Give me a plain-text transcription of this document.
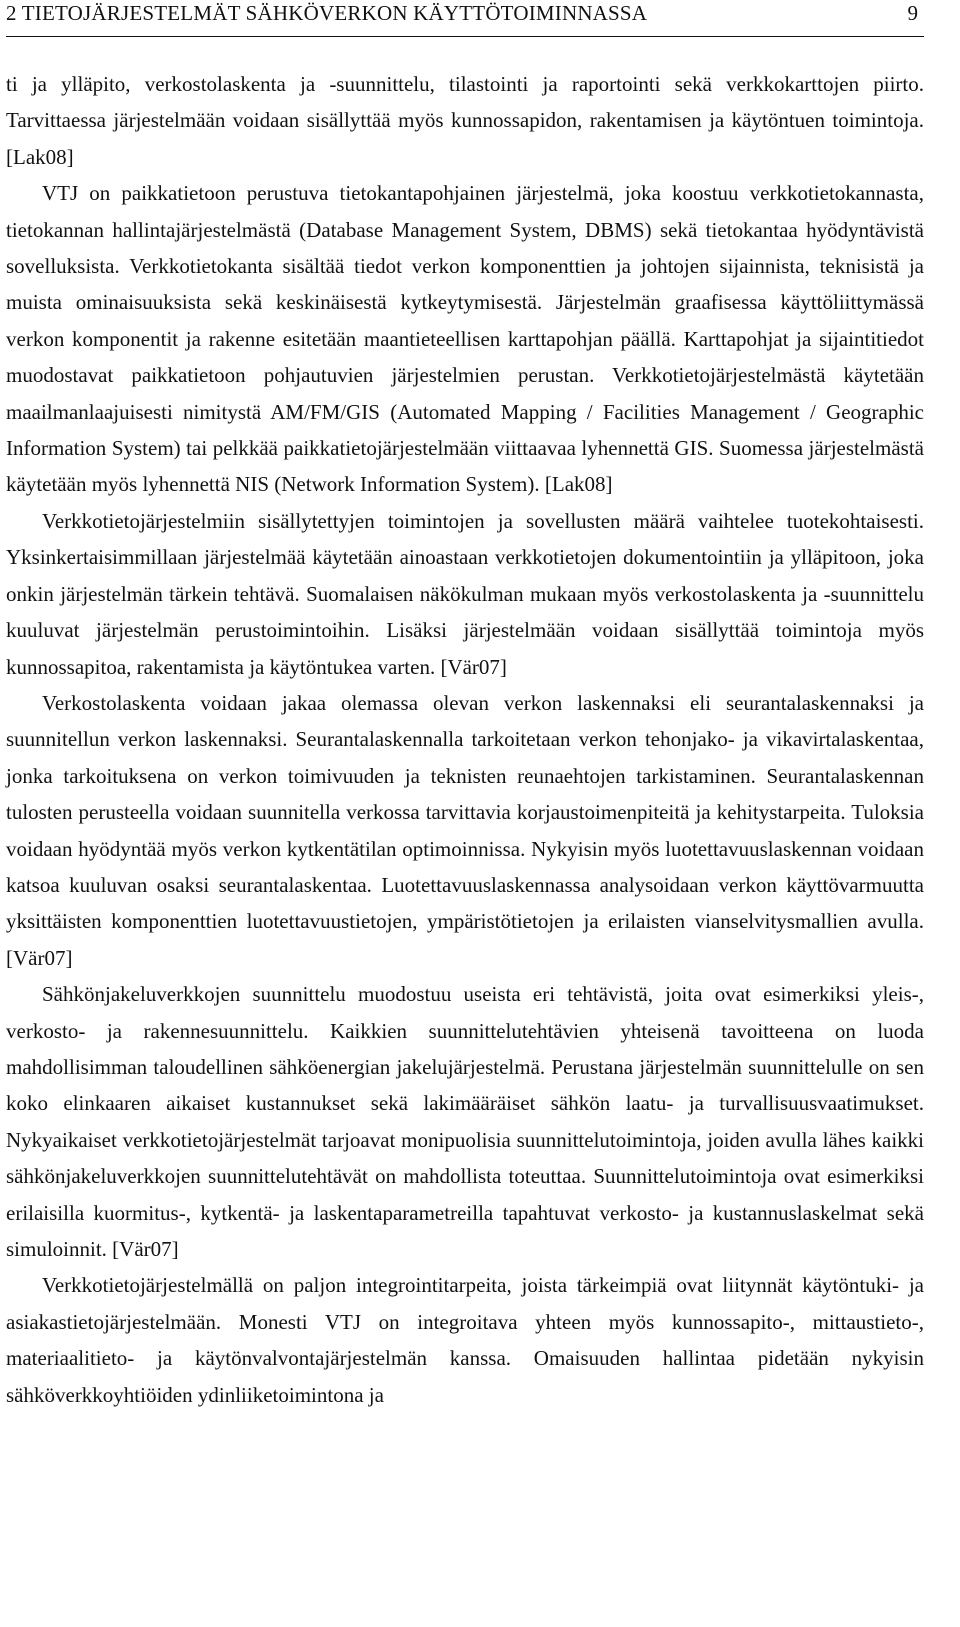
2 TIETOJÄRJESTELMÄT SÄHKÖVERKON KÄYTTÖTOIMINNASSA	9

ti ja ylläpito, verkostolaskenta ja -suunnittelu, tilastointi ja raportointi sekä verkkokarttojen piirto. Tarvittaessa järjestelmään voidaan sisällyttää myös kunnossapidon, rakentamisen ja käytöntuen toimintoja. [Lak08]

VTJ on paikkatietoon perustuva tietokantapohjainen järjestelmä, joka koostuu verkkotietokannasta, tietokannan hallintajärjestelmästä (Database Management System, DBMS) sekä tietokantaa hyödyntävistä sovelluksista. Verkkotietokanta sisältää tiedot verkon komponenttien ja johtojen sijainnista, teknisistä ja muista ominaisuuksista sekä keskinäisestä kytkeytymisestä. Järjestelmän graafisessa käyttöliittymässä verkon komponentit ja rakenne esitetään maantieteellisen karttapohjan päällä. Karttapohjat ja sijaintitiedot muodostavat paikkatietoon pohjautuvien järjestelmien perustan. Verkkotietojärjestelmästä käytetään maailmanlaajuisesti nimitystä AM/FM/GIS (Automated Mapping / Facilities Management / Geographic Information System) tai pelkkää paikkatietojärjestelmään viittaavaa lyhennettä GIS. Suomessa järjestelmästä käytetään myös lyhennettä NIS (Network Information System). [Lak08]

Verkkotietojärjestelmiin sisällytettyjen toimintojen ja sovellusten määrä vaihtelee tuotekohtaisesti. Yksinkertaisimmillaan järjestelmää käytetään ainoastaan verkkotietojen dokumentointiin ja ylläpitoon, joka onkin järjestelmän tärkein tehtävä. Suomalaisen näkökulman mukaan myös verkostolaskenta ja -suunnittelu kuuluvat järjestelmän perustoimintoihin. Lisäksi järjestelmään voidaan sisällyttää toimintoja myös kunnossapitoa, rakentamista ja käytöntukea varten. [Vär07]

Verkostolaskenta voidaan jakaa olemassa olevan verkon laskennaksi eli seurantalaskennaksi ja suunnitellun verkon laskennaksi. Seurantalaskennalla tarkoitetaan verkon tehonjako- ja vikavirtalaskentaa, jonka tarkoituksena on verkon toimivuuden ja teknisten reunaehtojen tarkistaminen. Seurantalaskennan tulosten perusteella voidaan suunnitella verkossa tarvittavia korjaustoimenpiteitä ja kehitystarpeita. Tuloksia voidaan hyödyntää myös verkon kytkentätilan optimoinnissa. Nykyisin myös luotettavuuslaskennan voidaan katsoa kuuluvan osaksi seurantalaskentaa. Luotettavuuslaskennassa analysoidaan verkon käyttövarmuutta yksittäisten komponenttien luotettavuustietojen, ympäristötietojen ja erilaisten vianselvitysmallien avulla. [Vär07]

Sähkönjakeluverkkojen suunnittelu muodostuu useista eri tehtävistä, joita ovat esimerkiksi yleis-, verkosto- ja rakennesuunnittelu. Kaikkien suunnittelutehtävien yhteisenä tavoitteena on luoda mahdollisimman taloudellinen sähköenergian jakelujärjestelmä. Perustana järjestelmän suunnittelulle on sen koko elinkaaren aikaiset kustannukset sekä lakimääräiset sähkön laatu- ja turvallisuusvaatimukset. Nykyaikaiset verkkotietojärjestelmät tarjoavat monipuolisia suunnittelutoimintoja, joiden avulla lähes kaikki sähkönjakeluverkkojen suunnittelutehtävät on mahdollista toteuttaa. Suunnittelutoimintoja ovat esimerkiksi erilaisilla kuormitus-, kytkentä- ja laskentaparametreilla tapahtuvat verkosto- ja kustannuslaskelmat sekä simuloinnit. [Vär07]

Verkkotietojärjestelmällä on paljon integrointitarpeita, joista tärkeimpiä ovat liitynnät käytöntuki- ja asiakastietojärjestelmään. Monesti VTJ on integroitava yhteen myös kunnossapito-, mittaustieto-, materiaalitieto- ja käytönvalvontajärjestelmän kanssa. Omaisuuden hallintaa pidetään nykyisin sähköverkkoyhtiöiden ydinliiketoimintona ja
